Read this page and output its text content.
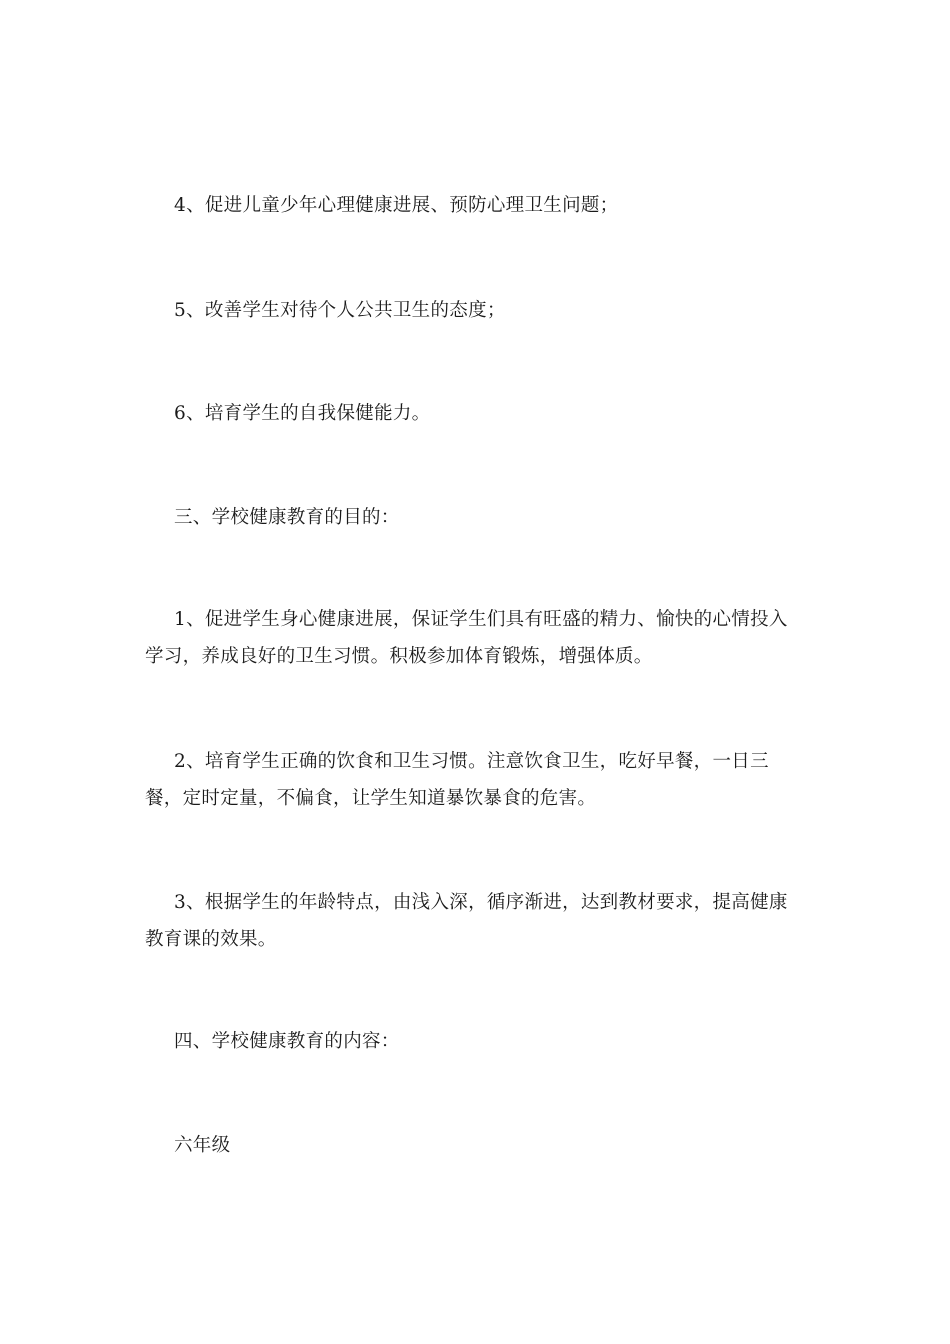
4、促进儿童少年心理健康进展、预防心理卫生问题；

5、改善学生对待个人公共卫生的态度；

6、培育学生的自我保健能力。

三、学校健康教育的目的：

1、促进学生身心健康进展，保证学生们具有旺盛的精力、愉快的心情投入学习，养成良好的卫生习惯。积极参加体育锻炼，增强体质。

2、培育学生正确的饮食和卫生习惯。注意饮食卫生，吃好早餐，一日三餐，定时定量，不偏食，让学生知道暴饮暴食的危害。

3、根据学生的年龄特点，由浅入深，循序渐进，达到教材要求，提高健康教育课的效果。

四、学校健康教育的内容：

六年级
